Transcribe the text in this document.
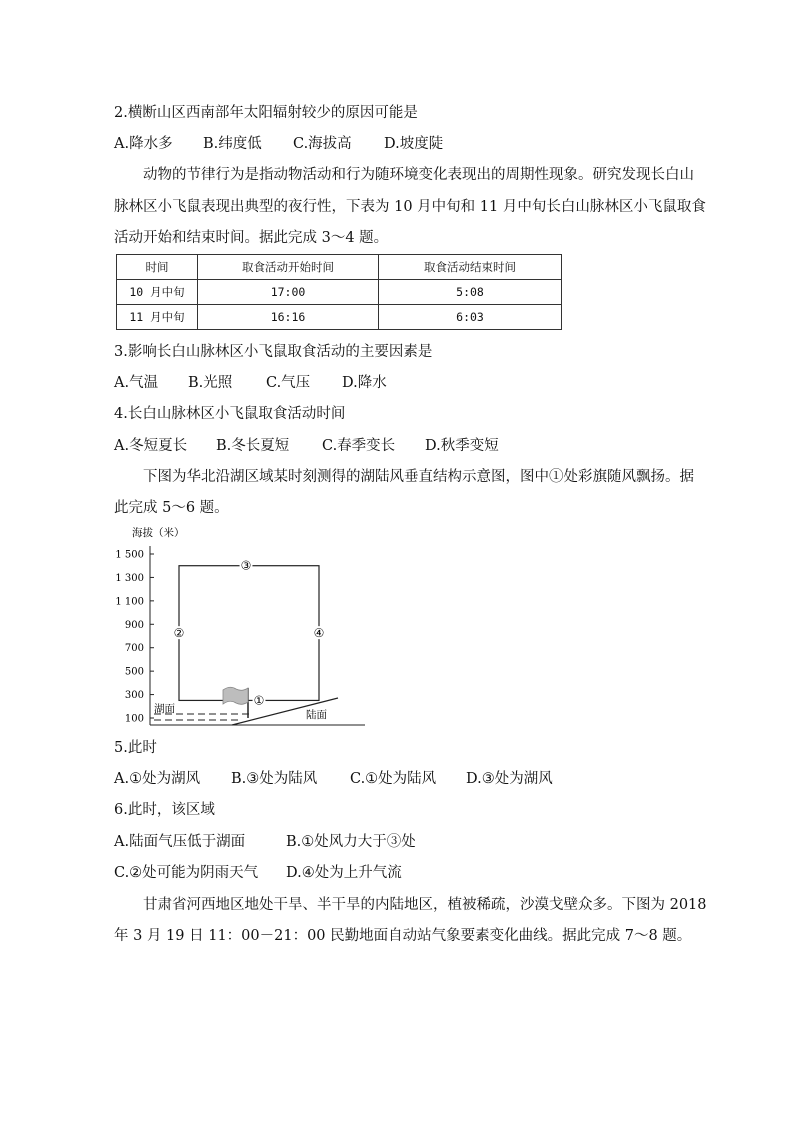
2.横断山区西南部年太阳辐射较少的原因可能是
A.降水多 B.纬度低 C.海拔高 D.坡度陡
动物的节律行为是指动物活动和行为随环境变化表现出的周期性现象。研究发现长白山
脉林区小飞鼠表现出典型的夜行性，下表为 10 月中旬和 11 月中旬长白山脉林区小飞鼠取食
活动开始和结束时间。据此完成 3～4 题。
时间	取食活动开始时间	取食活动结束时间
10 月中旬	17:00	5:08
11 月中旬	16:16	6:03
3.影响长白山脉林区小飞鼠取食活动的主要因素是
A.气温 B.光照 C.气压 D.降水
4.长白山脉林区小飞鼠取食活动时间
A.冬短夏长 B.冬长夏短 C.春季变长 D.秋季变短
下图为华北沿湖区域某时刻测得的湖陆风垂直结构示意图，图中①处彩旗随风飘扬。据
此完成 5～6 题。
海拔（米）
1 500
1 300
1 100
900
700
500
300
100
①
②
③
④
湖面	陆面
5.此时
A.①处为湖风 B.③处为陆风 C.①处为陆风 D.③处为湖风
6.此时，该区域
A.陆面气压低于湖面	B.①处风力大于③处
C.②处可能为阴雨天气 D.④处为上升气流
甘肃省河西地区地处干旱、半干旱的内陆地区，植被稀疏，沙漠戈壁众多。下图为 2018
年 3 月 19 日 11：00－21：00 民勤地面自动站气象要素变化曲线。据此完成 7～8 题。
